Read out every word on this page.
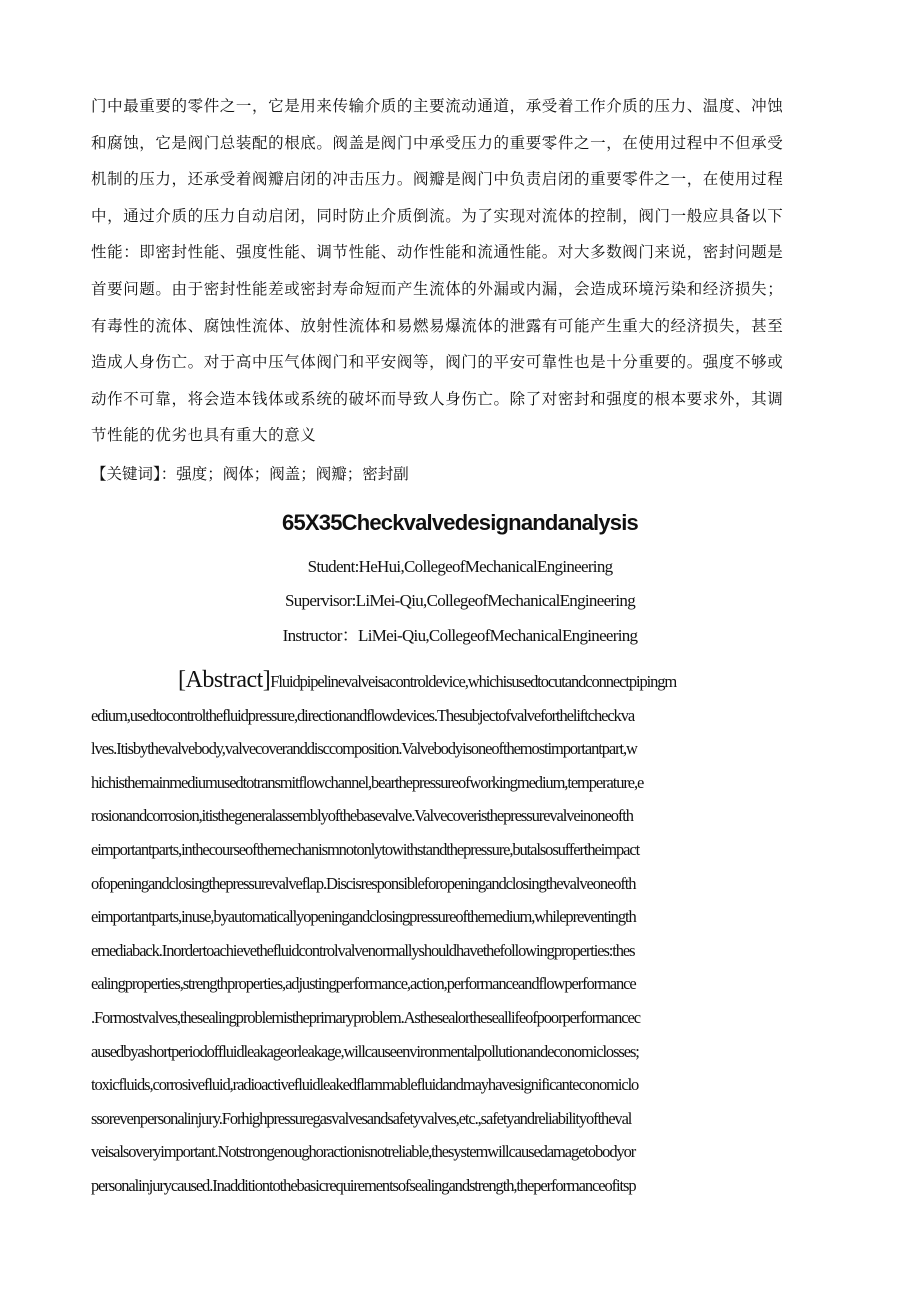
门中最重要的零件之一，它是用来传输介质的主要流动通道，承受着工作介质的压力、温度、冲蚀
和腐蚀，它是阀门总装配的根底。阀盖是阀门中承受压力的重要零件之一，在使用过程中不但承受
机制的压力，还承受着阀瓣启闭的冲击压力。阀瓣是阀门中负责启闭的重要零件之一，在使用过程
中，通过介质的压力自动启闭，同时防止介质倒流。为了实现对流体的控制，阀门一般应具备以下
性能：即密封性能、强度性能、调节性能、动作性能和流通性能。对大多数阀门来说，密封问题是
首要问题。由于密封性能差或密封寿命短而产生流体的外漏或内漏，会造成环境污染和经济损失；
有毒性的流体、腐蚀性流体、放射性流体和易燃易爆流体的泄露有可能产生重大的经济损失，甚至
造成人身伤亡。对于高中压气体阀门和平安阀等，阀门的平安可靠性也是十分重要的。强度不够或
动作不可靠，将会造本钱体或系统的破坏而导致人身伤亡。除了对密封和强度的根本要求外，其调
节性能的优劣也具有重大的意义

【关键词】：强度；阀体；阀盖；阀瓣；密封副

65X35Checkvalvedesignandanalysis

Student:HeHui,CollegeofMechanicalEngineering

Supervisor:LiMei-Qiu,CollegeofMechanicalEngineering

Instructor：LiMei-Qiu,CollegeofMechanicalEngineering

[Abstract]Fluidpipelinevalveisacontroldevice,whichisusedtocutandconnectpipingm
edium,usedtocontrolthefluidpressure,directionandflowdevices.Thesubjectofvalveforthelift​checkva
lves.Itisbythevalvebody,valvecoveranddisccomposition.Valvebodyisoneofthemostimportantpart,w
hichisthemainmediumusedtotransmitflowchannel,bearthepressureofworkingmedium,temperature,e
rosionandcorrosion,itisthegeneralassemblyofthebasevalve.Valvecoveristhepressurevalveinoneofth
eimportantparts,inthecourseofthemechanismnotonlytowithstandthepressure,butalsosuffertheimpact
ofopeningandclosingthepressurevalveflap.Discisresponsibleforopeningandclosingthevalveoneofth
eimportantparts,inuse,byautomaticallyopeningandclosingpressureofthemedium,whilepreventingth
emediaback.Inordertoachievethefluidcontrolvalvenormallyshouldhavethefollowingproperties:thes
ealingproperties,strengthproperties,adjustingperformance,action,performanceandflowperformance
.Formostvalves,thesealingproblemistheprimaryproblem.Asthesealortheseallifeofpoorperformancec
ausedbyashortperiodoffluidleakageorleakage,willcauseenvironmentalpollutionandeconomiclosses;
toxicfluids,corrosivefluid,radioactivefluidleakedflammablefluidandmayhavesignificanteconomiclo
ssorevenpersonalinjury.Forhighpressuregasvalvesandsafetyvalves,etc.,safetyandreliabilityoftheval
veisalsoveryimportant.Notstrongenoughoractionisnotreliable,thesystemwillcausedamagetobodyor
personalinjurycaused.Inadditiontothebasicrequirementsofsealingandstrength,theperformanceofitsp
